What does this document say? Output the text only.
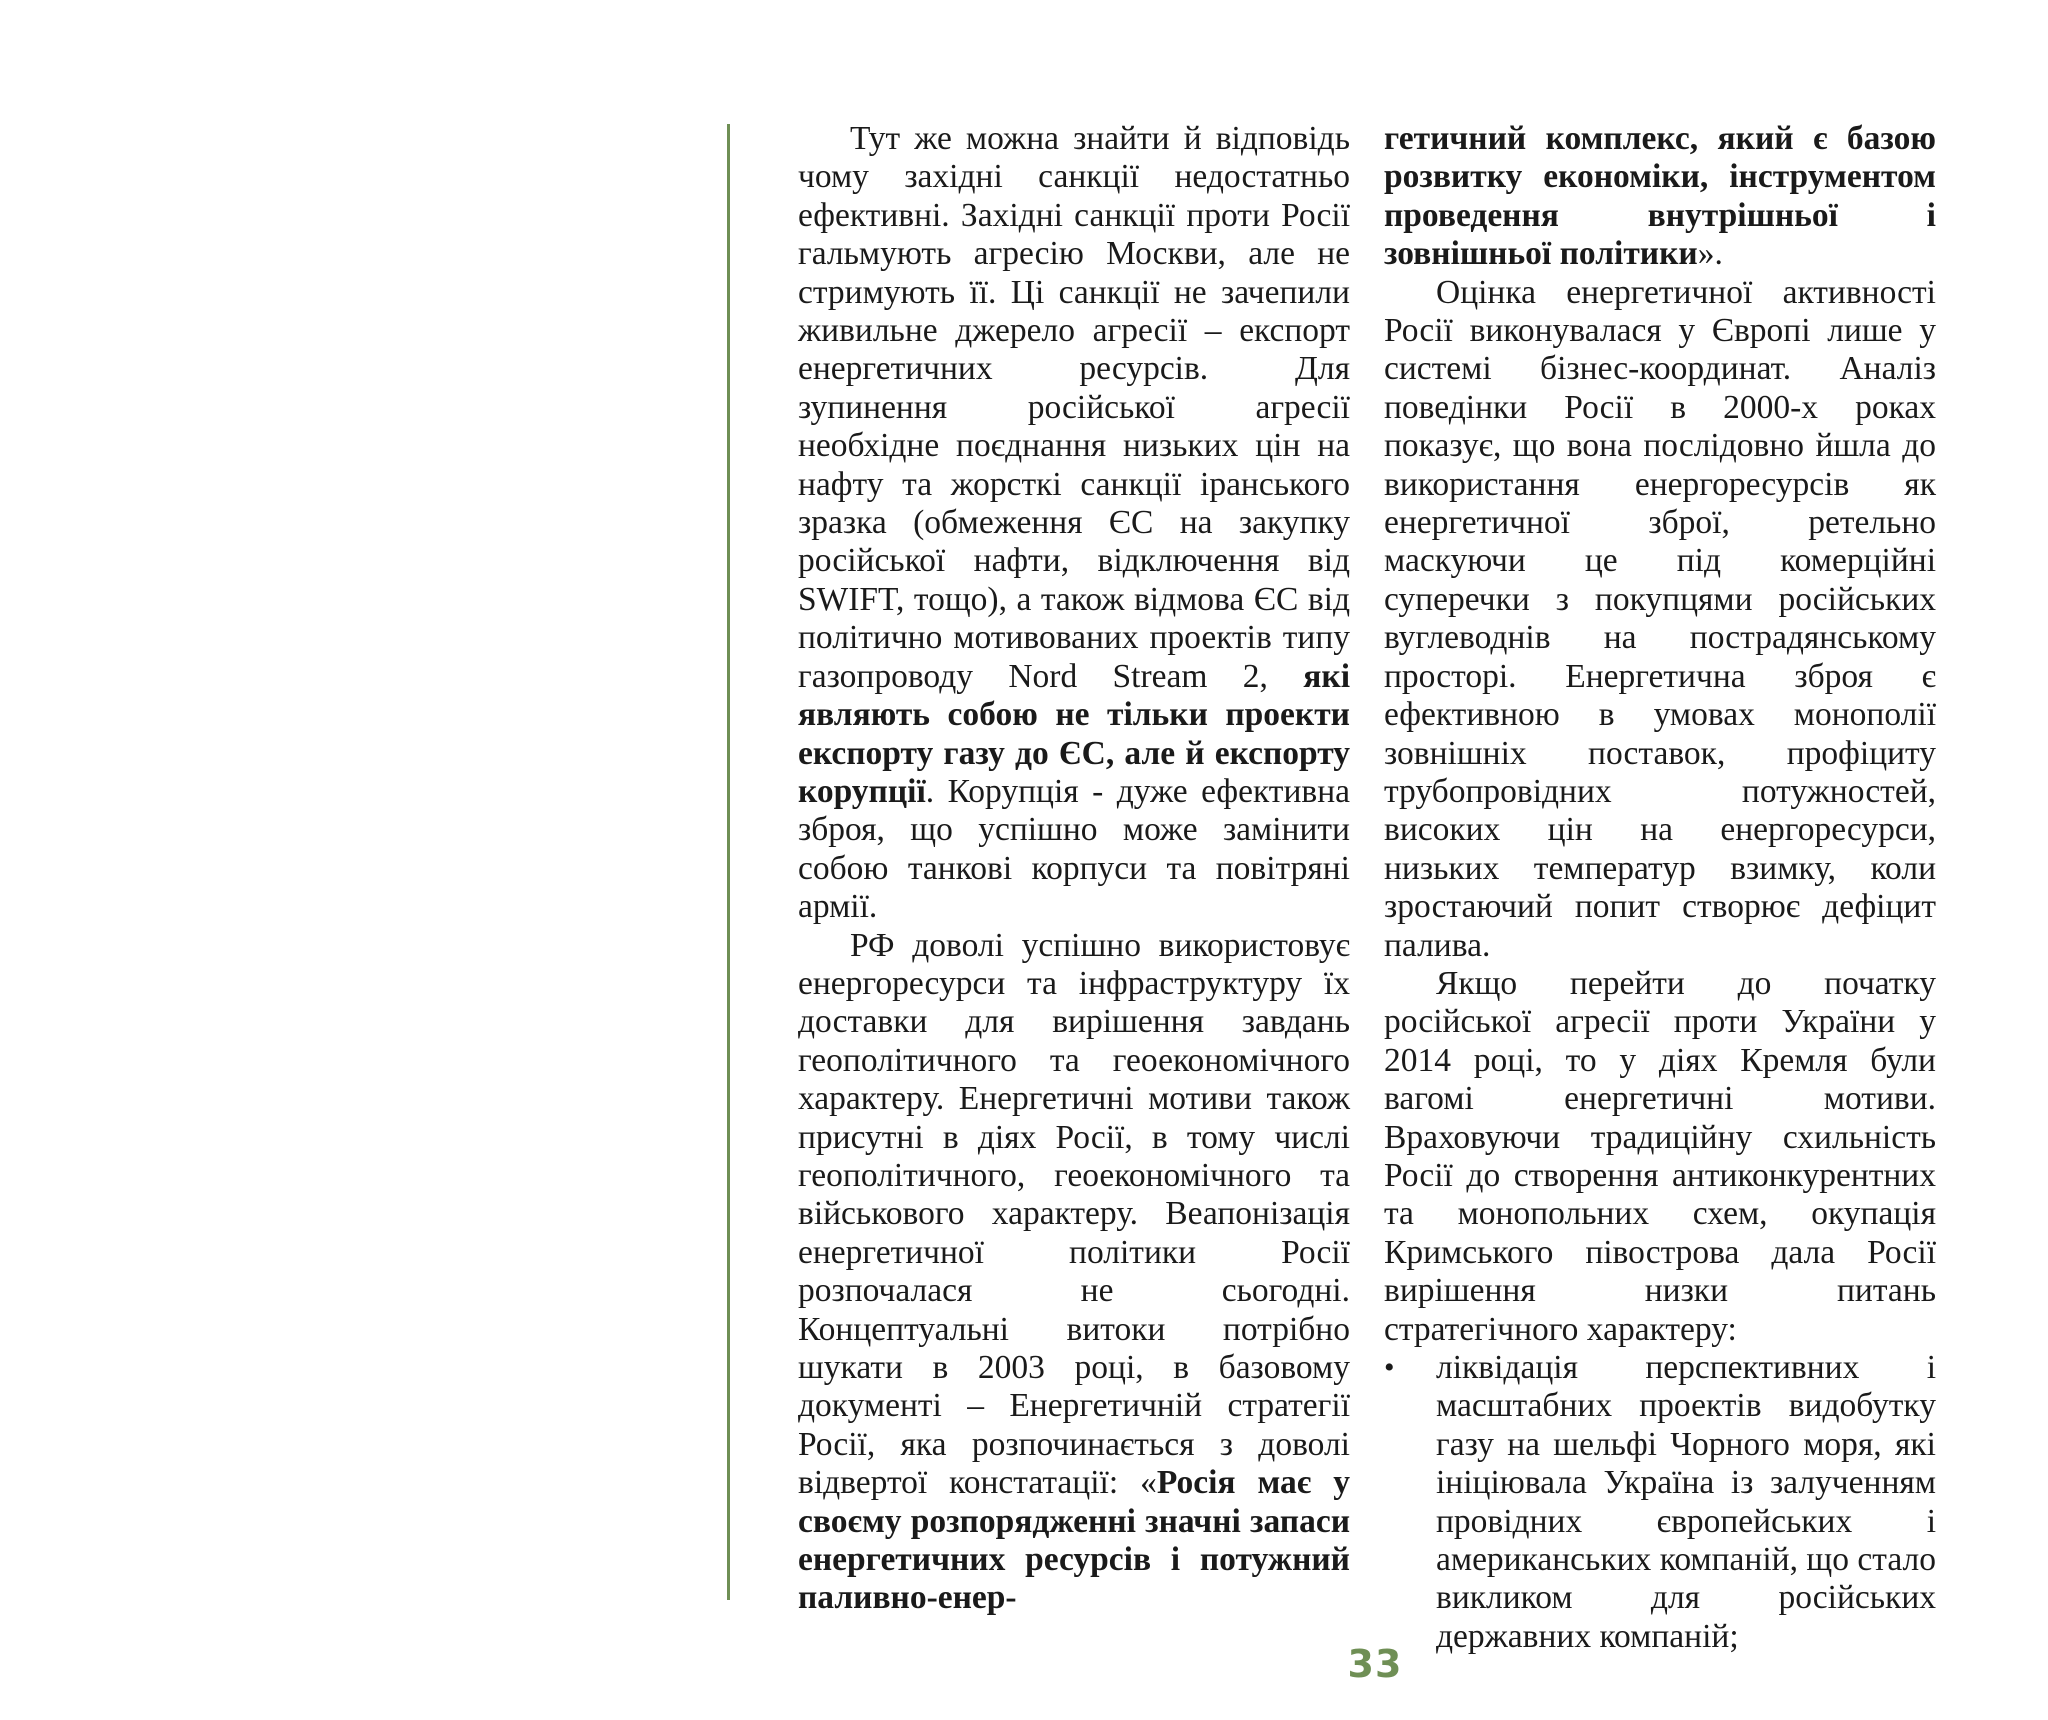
Тут же можна знайти й відповідь чому західні санкції недостатньо ефективні. Західні санкції проти Росії гальмують агресію Москви, але не стримують її. Ці санкції не зачепили живильне джерело агресії – експорт енергетичних ресурсів. Для зупинення російської агресії необхідне поєднання низьких цін на нафту та жорсткі санкції іранського зразка (обмеження ЄС на закупку російської нафти, відключення від SWIFT, тощо), а також відмова ЄС від політично мотивованих проектів типу газопроводу Nord Stream 2, які являють собою не тільки проекти експорту газу до ЄС, але й експорту корупції. Корупція - дуже ефективна зброя, що успішно може замінити собою танкові корпуси та повітряні армії.

РФ доволі успішно використовує енергоресурси та інфраструктуру їх доставки для вирішення завдань геополітичного та геоекономічного характеру. Енергетичні мотиви також присутні в діях Росії, в тому числі геополітичного, геоекономічного та військового характеру. Веапонізація енергетичної політики Росії розпочалася не сьогодні. Концептуальні витоки потрібно шукати в 2003 році, в базовому документі – Енергетичній стратегії Росії, яка розпочинається з доволі відвертої констатації: «Росія має у своєму розпорядженні значні запаси енергетичних ресурсів і потужний паливно-енер-

гетичний комплекс, який є базою розвитку економіки, інструментом проведення внутрішньої і зовнішньої політики».

Оцінка енергетичної активності Росії виконувалася у Європі лише у системі бізнес-координат. Аналіз поведінки Росії в 2000-х роках показує, що вона послідовно йшла до використання енергоресурсів як енергетичної зброї, ретельно маскуючи це під комерційні суперечки з покупцями російських вуглеводнів на пострадянському просторі. Енергетична зброя є ефективною в умовах монополії зовнішніх поставок, профіциту трубопровідних потужностей, високих цін на енергоресурси, низьких температур взимку, коли зростаючий попит створює дефіцит палива.

Якщо перейти до початку російської агресії проти України у 2014 році, то у діях Кремля були вагомі енергетичні мотиви. Враховуючи традиційну схильність Росії до створення антиконкурентних та монопольних схем, окупація Кримського півострова дала Росії вирішення низки питань стратегічного характеру:

• ліквідація перспективних і масштабних проектів видобутку газу на шельфі Чорного моря, які ініціювала Україна із залученням провідних європейських і американських компаній, що стало викликом для російських державних компаній;
33
